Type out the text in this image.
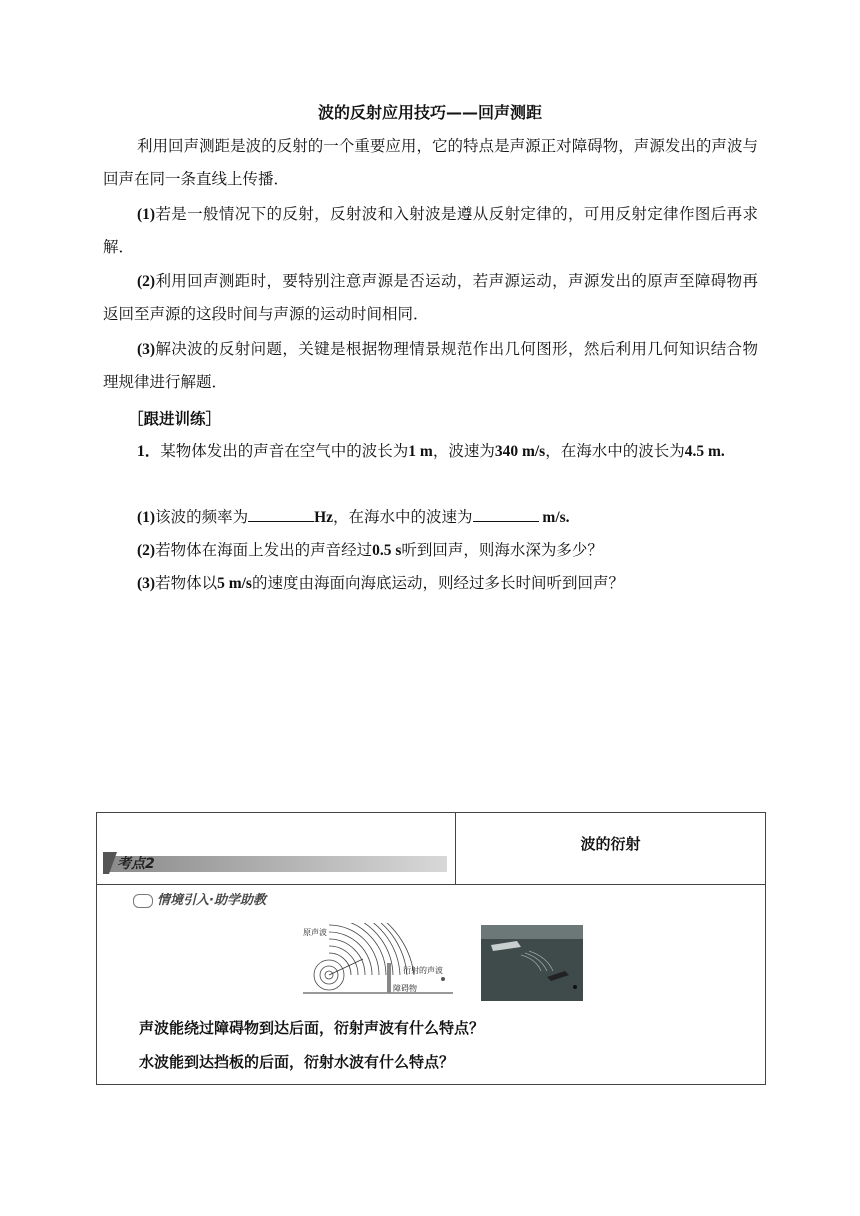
波的反射应用技巧——回声测距

利用回声测距是波的反射的一个重要应用，它的特点是声源正对障碍物，声源发出的声波与回声在同一条直线上传播．

(1)若是一般情况下的反射，反射波和入射波是遵从反射定律的，可用反射定律作图后再求解．

(2)利用回声测距时，要特别注意声源是否运动，若声源运动，声源发出的原声至障碍物再返回至声源的这段时间与声源的运动时间相同．

(3)解决波的反射问题，关键是根据物理情景规范作出几何图形，然后利用几何知识结合物理规律进行解题．

［跟进训练］

1．某物体发出的声音在空气中的波长为1 m，波速为340 m/s，在海水中的波长为4.5 m.

(1)该波的频率为	Hz，在海水中的波速为	m/s.

(2)若物体在海面上发出的声音经过0.5 s听到回声，则海水深为多少？

(3)若物体以5 m/s的速度由海面向海底运动，则经过多长时间听到回声？

考点2
波的衍射
情境引入·助学助教
原声波
衍射的声波
障碍物
声波能绕过障碍物到达后面，衍射声波有什么特点？
水波能到达挡板的后面，衍射水波有什么特点？
